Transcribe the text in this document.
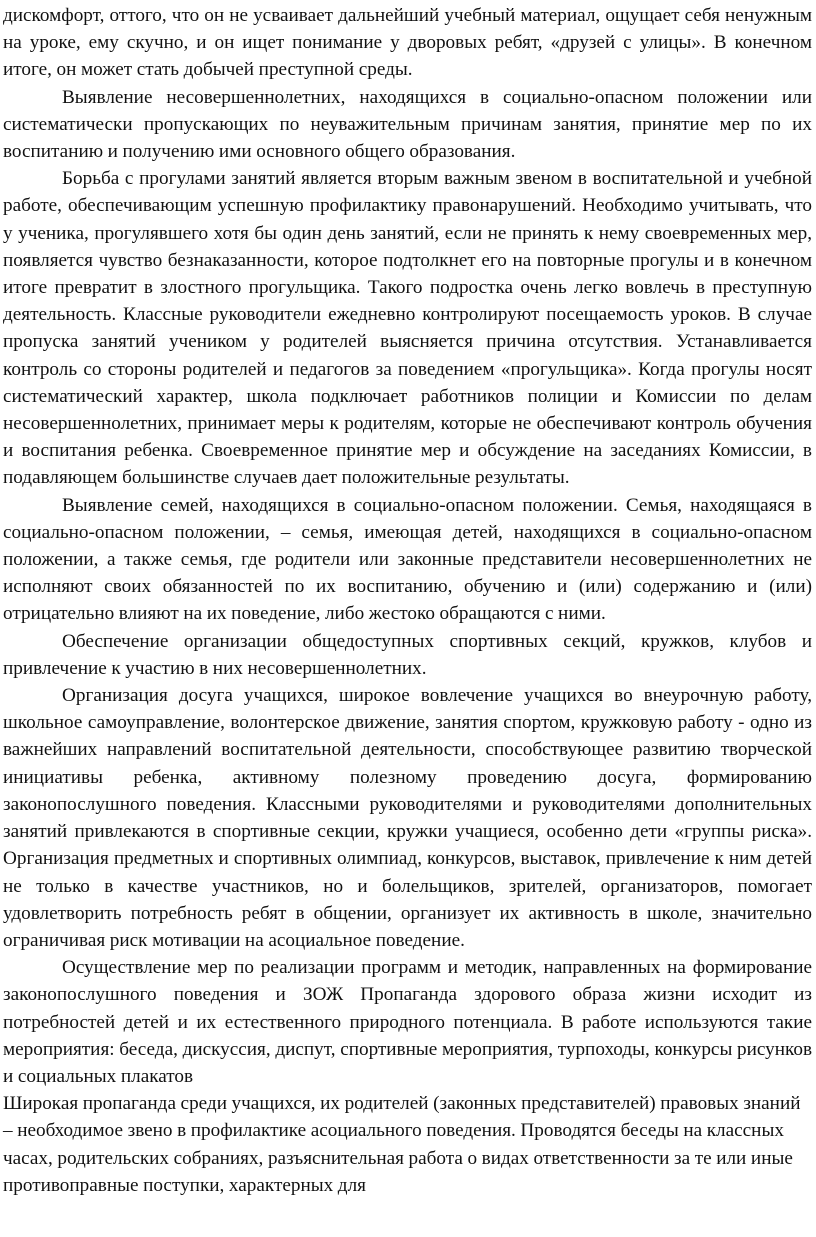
дискомфорт, оттого, что он не усваивает дальнейший учебный материал, ощущает себя ненужным на уроке, ему скучно, и он ищет понимание у дворовых ребят, «друзей с улицы». В конечном итоге, он может стать добычей преступной среды.

Выявление несовершеннолетних, находящихся в социально-опасном положении или систематически пропускающих по неуважительным причинам занятия, принятие мер по их воспитанию и получению ими основного общего образования.

Борьба с прогулами занятий является вторым важным звеном в воспитательной и учебной работе, обеспечивающим успешную профилактику правонарушений. Необходимо учитывать, что у ученика, прогулявшего хотя бы один день занятий, если не принять к нему своевременных мер, появляется чувство безнаказанности, которое подтолкнет его на повторные прогулы и в конечном итоге превратит в злостного прогульщика. Такого подростка очень легко вовлечь в преступную деятельность. Классные руководители ежедневно контролируют посещаемость уроков. В случае пропуска занятий учеником у родителей выясняется причина отсутствия. Устанавливается контроль со стороны родителей и педагогов за поведением «прогульщика». Когда прогулы носят систематический характер, школа подключает работников полиции и Комиссии по делам несовершеннолетних, принимает меры к родителям, которые не обеспечивают контроль обучения и воспитания ребенка. Своевременное принятие мер и обсуждение на заседаниях Комиссии, в подавляющем большинстве случаев дает положительные результаты.

Выявление семей, находящихся в социально-опасном положении. Семья, находящаяся в социально-опасном положении, – семья, имеющая детей, находящихся в социально-опасном положении, а также семья, где родители или законные представители несовершеннолетних не исполняют своих обязанностей по их воспитанию, обучению и (или) содержанию и (или) отрицательно влияют на их поведение, либо жестоко обращаются с ними.

Обеспечение организации общедоступных спортивных секций, кружков, клубов и привлечение к участию в них несовершеннолетних.

Организация досуга учащихся, широкое вовлечение учащихся во внеурочную работу, школьное самоуправление, волонтерское движение, занятия спортом, кружковую работу - одно из важнейших направлений воспитательной деятельности, способствующее развитию творческой инициативы ребенка, активному полезному проведению досуга, формированию законопослушного поведения. Классными руководителями и руководителями дополнительных занятий привлекаются в спортивные секции, кружки учащиеся, особенно дети «группы риска». Организация предметных и спортивных олимпиад, конкурсов, выставок, привлечение к ним детей не только в качестве участников, но и болельщиков, зрителей, организаторов, помогает удовлетворить потребность ребят в общении, организует их активность в школе, значительно ограничивая риск мотивации на асоциальное поведение.

Осуществление мер по реализации программ и методик, направленных на формирование законопослушного поведения и ЗОЖ Пропаганда здорового образа жизни исходит из потребностей детей и их естественного природного потенциала. В работе используются такие мероприятия: беседа, дискуссия, диспут, спортивные мероприятия, турпоходы, конкурсы рисунков и социальных плакатов

Широкая пропаганда среди учащихся, их родителей (законных представителей) правовых знаний – необходимое звено в профилактике асоциального поведения. Проводятся беседы на классных часах, родительских собраниях, разъяснительная работа о видах ответственности за те или иные противоправные поступки, характерных для
